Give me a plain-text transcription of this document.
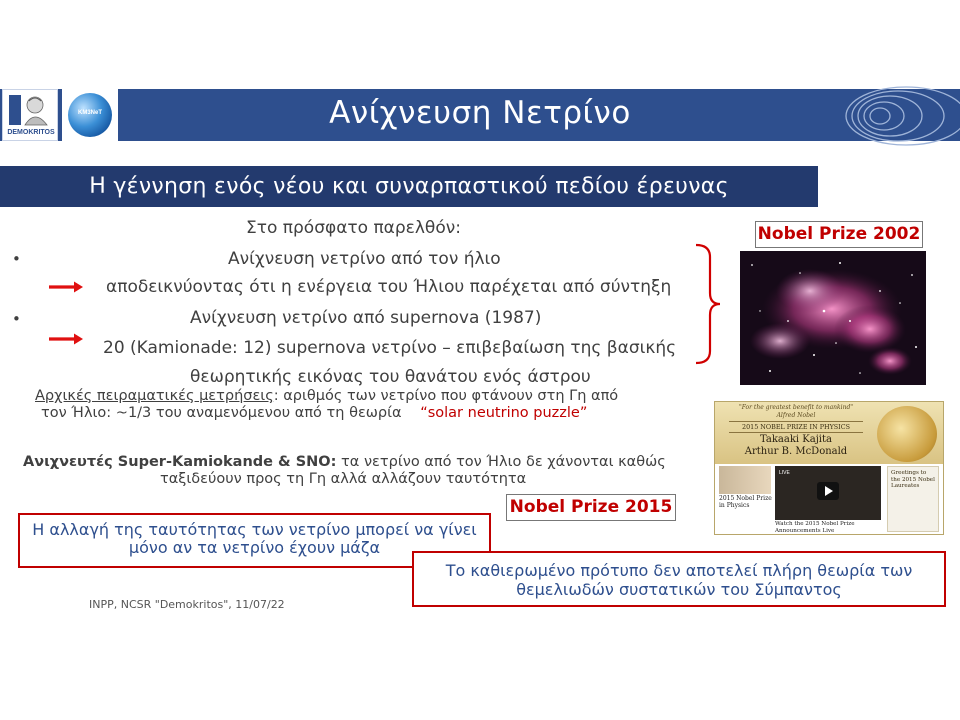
Ανίχνευση Νετρίνο
DEMOKRITOS
KM3NeT
Η γέννηση ενός νέου και συναρπαστικού πεδίου έρευνας
Στο πρόσφατο παρελθόν:
•	Ανίχνευση νετρίνο από τον ήλιο
αποδεικνύοντας ότι η ενέργεια του Ήλιου παρέχεται από σύντηξη
•	Ανίχνευση νετρίνο από supernova (1987)
20 (Kamionade: 12) supernova νετρίνο – επιβεβαίωση της βασικής
θεωρητικής εικόνας του θανάτου ενός άστρου
Αρχικές πειραματικές μετρήσεις: αριθμός των νετρίνο που φτάνουν στη Γη από
τον Ήλιο: ~1/3 του αναμενόμενου από τη θεωρία “solar neutrino puzzle”
Ανιχνευτές Super-Kamiokande & SNO: τα νετρίνο από τον Ήλιο δε χάνονται καθώς
ταξιδεύουν προς τη Γη αλλά αλλάζουν ταυτότητα
Nobel Prize 2002
"For the greatest benefit to mankind"
Alfred Nobel
2015 NOBEL PRIZE IN PHYSICS
Takaaki Kajita
Arthur B. McDonald
2015 Nobel Prize in Physics
LIVE
Watch the 2015 Nobel Prize Announcements Live
Greetings to the 2015 Nobel Laureates
Nobel Prize 2015
Η αλλαγή της ταυτότητας των νετρίνο μπορεί να γίνει μόνο αν τα νετρίνο έχουν μάζα
Το καθιερωμένο πρότυπο δεν αποτελεί πλήρη θεωρία των θεμελιωδών συστατικών του Σύμπαντος
INPP, NCSR "Demokritos", 11/07/22
